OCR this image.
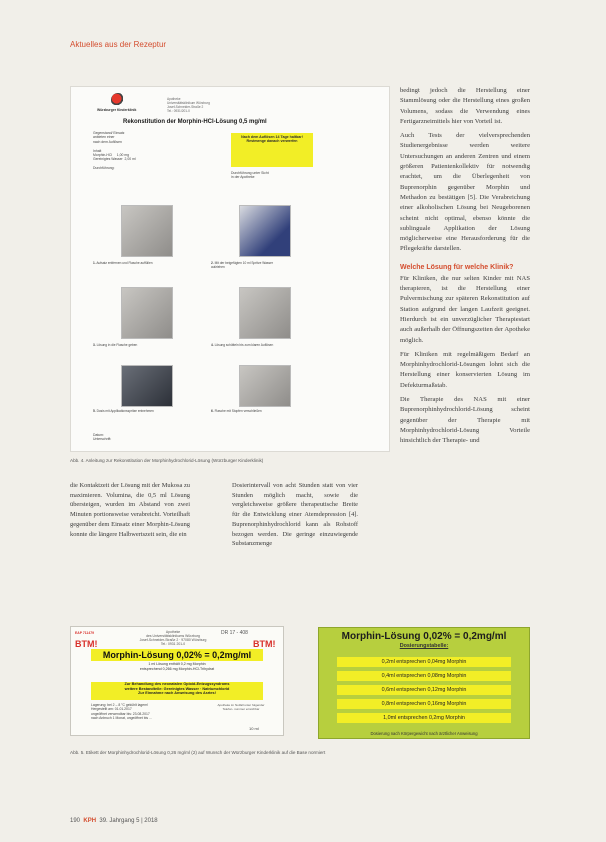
Aktuelles aus der Rezeptur
Würzburger Kinderklinik
Apotheke
Universitätsklinikum Würzburg
Josef-Schneider-Straße 2
Tel.: 0931/201-0
Rekonstitution der Morphin-HCl-Lösung 0,5 mg/ml
Gegenstand/ Einsatz
anbieten einer
nach dem Auflösen

Inhalt
Morphin-HCl     1,00 mg
Gereinigtes Wasser  2,00 ml

Durchführung:
Nach dem Auflösen 14 Tage haltbar! Restmenge danach verwerfen
Durchführung unter Sicht
in der Apotheke
1. Aufsatz entfernen und Flasche auffüllen	2. Mit der beigefügten 10 ml Spritze Wasser aufziehen
3. Lösung in die Flasche geben	4. Lösung schütteln bis zum klaren Auflösen
5. Dosis mit Applikationsspritze entnehmen	6. Flasche mit Stopfen verschließen
Datum:
Unterschrift:
Abb. 4. Anleitung zur Rekonstitution der Morphinhydrochlorid-Lösung (Würzburger Kinderklinik)

bedingt jedoch die Herstellung einer Stammlösung oder die Herstellung eines großen Volumens, sodass die Verwendung eines Fertigarzneimittels hier von Vorteil ist.

Auch Tests der vielversprechenden Studienergebnisse werden weitere Untersuchungen an anderen Zentren und einem größeren Patientenkollektiv für notwendig erachtet, um die Überlegenheit von Buprenorphin gegenüber Morphin und Methadon zu bestätigen [5]. Die Verabreichung einer alkoholischen Lösung bei Neugeborenen scheint nicht optimal, ebenso könnte die sublinguale Applikation der Lösung möglicherweise eine Herausforderung für die Pflegekräfte darstellen.

Welche Lösung für welche Klinik?

Für Kliniken, die nur selten Kinder mit NAS therapieren, ist die Herstellung einer Pulvermischung zur späteren Rekonstitution auf Station aufgrund der langen Laufzeit geeignet. Hierdurch ist ein unverzüglicher Therapiestart auch außerhalb der Öffnungszeiten der Apotheke möglich.

Für Kliniken mit regelmäßigem Bedarf an Morphinhydrochlorid-Lösungen lohnt sich die Herstellung einer konservierten Lösung im Defekturmaßstab.

Die Therapie des NAS mit einer Buprenorphinhydrochlorid-Lösung scheint gegenüber der Therapie mit Morphinhydrochlorid-Lösung Vorteile hinsichtlich der Therapie- und

die Kontaktzeit der Lösung mit der Mukosa zu maximieren. Volumina, die 0,5 ml Lösung übersteigen, wurden im Abstand von zwei Minuten portionsweise verabreicht. Vorteilhaft gegenüber dem Einsatz einer Morphin-Lösung konnte die längere Halbwertszeit sein, die ein
Dosierintervall von acht Stunden statt von vier Stunden möglich macht, sowie die vergleichsweise größere therapeutische Breite für die Entwicklung einer Atemdepression [4]. Buprenorphinhydrochlorid kann als Rohstoff bezogen werden. Die geringe einzuwiegende Substanzmenge
EAP 711479	Apotheke
des Universitätsklinikums Würzburg
Josef-Schneider-Straße 2 · 97080 Würzburg
Tel.: 0931 201-0
DR 17 - 408
BTM!	BTM!
Morphin-Lösung 0,02% = 0,2mg/ml
1 ml Lösung enthält 0,2 mg Morphin
entsprechend 0,266 mg Morphin-HCl-Trihydrat
Zur Behandlung des neonatalen Opioid-Entzugssyndroms
weitere Bestandteile: Gereinigtes Wasser · Natriumchlorid
Zur Einnahme nach Anweisung des Arztes!
Lagerung: bei 2 – 8 °C gekühlt lagern!
Hergestellt am: 01.01.2017
ungeöffnet verwendbar bis: 23.08.2017
nach Anbruch 1 Monat, ungeöffnet bis ...
Apotheke im Notfall unter folgender Telefon- nummer erreichbar
10 ml
Morphin-Lösung 0,02% = 0,2mg/ml
Dosierungstabelle:
0,2ml entsprechen 0,04mg Morphin
0,4ml entsprechen 0,08mg Morphin
0,6ml entsprechen 0,12mg Morphin
0,8ml entsprechen 0,16mg Morphin
1,0ml entsprechen 0,2mg Morphin
Dosierung nach Körpergewicht nach ärztlicher Anweisung
Abb. 5. Etikett der Morphinhydrochlorid-Lösung 0,26 mg/ml (2) auf Wunsch der Würzburger Kinderklinik auf die Base normiert
190 KPH 39. Jahrgang 5 | 2018
